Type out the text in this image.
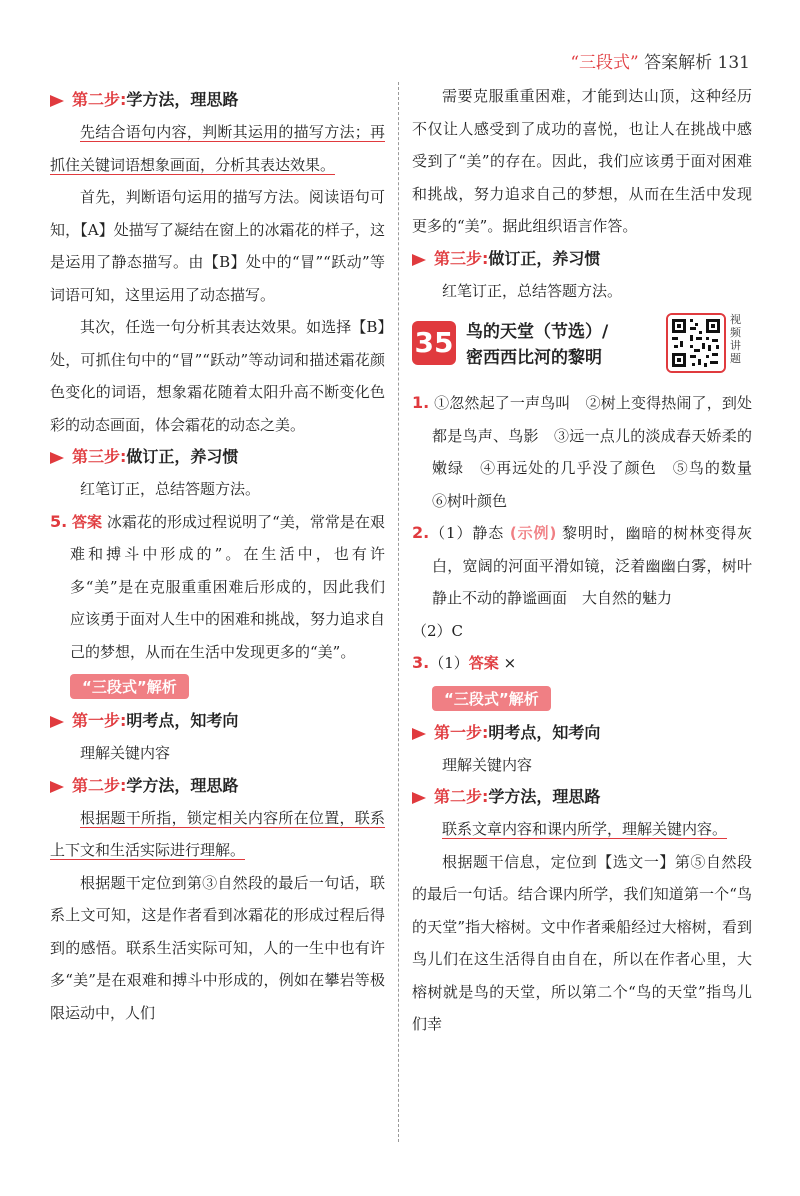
“三段式” 答案解析 131
第二步:学方法，理思路

先结合语句内容，判断其运用的描写方法；再抓住关键词语想象画面，分析其表达效果。

首先，判断语句运用的描写方法。阅读语句可知，【A】处描写了凝结在窗上的冰霜花的样子，这是运用了静态描写。由【B】处中的“冒”“跃动”等词语可知，这里运用了动态描写。

其次，任选一句分析其表达效果。如选择【B】处，可抓住句中的“冒”“跃动”等动词和描述霜花颜色变化的词语，想象霜花随着太阳升高不断变化色彩的动态画面，体会霜花的动态之美。

第三步:做订正，养习惯

红笔订正，总结答题方法。

5. 答案 冰霜花的形成过程说明了“美，常常是在艰难和搏斗中形成的”。在生活中，也有许多“美”是在克服重重困难后形成的，因此我们应该勇于面对人生中的困难和挑战，努力追求自己的梦想，从而在生活中发现更多的“美”。

“三段式”解析
第一步:明考点，知考向

理解关键内容

第二步:学方法，理思路

根据题干所指，锁定相关内容所在位置，联系上下文和生活实际进行理解。

根据题干定位到第③自然段的最后一句话，联系上文可知，这是作者看到冰霜花的形成过程后得到的感悟。联系生活实际可知，人的一生中也有许多“美”是在艰难和搏斗中形成的，例如在攀岩等极限运动中，人们

需要克服重重困难，才能到达山顶，这种经历不仅让人感受到了成功的喜悦，也让人在挑战中感受到了“美”的存在。因此，我们应该勇于面对困难和挑战，努力追求自己的梦想，从而在生活中发现更多的“美”。据此组织语言作答。

第三步:做订正，养习惯

红笔订正，总结答题方法。

35 鸟的天堂（节选）/
密西西比河的黎明
视频讲题

1. ①忽然起了一声鸟叫　②树上变得热闹了，到处都是鸟声、鸟影　③远一点儿的淡成春天娇柔的嫩绿　④再远处的几乎没了颜色　⑤鸟的数量　⑥树叶颜色

2.（1）静态 (示例) 黎明时，幽暗的树林变得灰白，宽阔的河面平滑如镜，泛着幽幽白雾，树叶静止不动的静谧画面　大自然的魅力

（2）C

3.（1）答案 ×

“三段式”解析
第一步:明考点，知考向

理解关键内容

第二步:学方法，理思路

联系文章内容和课内所学，理解关键内容。

根据题干信息，定位到【选文一】第⑤自然段的最后一句话。结合课内所学，我们知道第一个“鸟的天堂”指大榕树。文中作者乘船经过大榕树，看到鸟儿们在这生活得自由自在，所以在作者心里，大榕树就是鸟的天堂，所以第二个“鸟的天堂”指鸟儿们幸
